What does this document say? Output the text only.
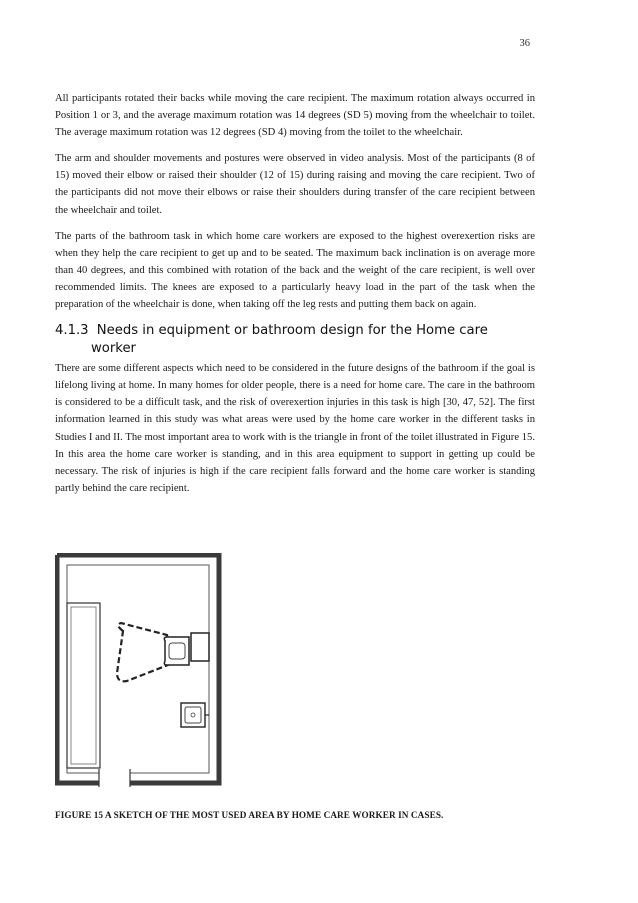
36

All participants rotated their backs while moving the care recipient. The maximum rotation always occurred in Position 1 or 3, and the average maximum rotation was 14 degrees (SD 5) moving from the wheelchair to toilet. The average maximum rotation was 12 degrees (SD 4) moving from the toilet to the wheelchair.

The arm and shoulder movements and postures were observed in video analysis. Most of the participants (8 of 15) moved their elbow or raised their shoulder (12 of 15) during raising and moving the care recipient. Two of the participants did not move their elbows or raise their shoulders during transfer of the care recipient between the wheelchair and toilet.

The parts of the bathroom task in which home care workers are exposed to the highest overexertion risks are when they help the care recipient to get up and to be seated. The maximum back inclination is on average more than 40 degrees, and this combined with rotation of the back and the weight of the care recipient, is well over recommended limits. The knees are exposed to a particularly heavy load in the part of the task when the preparation of the wheelchair is done, when taking off the leg rests and putting them back on again.

4.1.3 Needs in equipment or bathroom design for the Home care
worker

There are some different aspects which need to be considered in the future designs of the bathroom if the goal is lifelong living at home. In many homes for older people, there is a need for home care. The care in the bathroom is considered to be a difficult task, and the risk of overexertion injuries in this task is high [30, 47, 52]. The first information learned in this study was what areas were used by the home care worker in the different tasks in Studies I and II. The most important area to work with is the triangle in front of the toilet illustrated in Figure 15. In this area the home care worker is standing, and in this area equipment to support in getting up could be necessary. The risk of injuries is high if the care recipient falls forward and the home care worker is standing partly behind the care recipient.

FIGURE 15 A SKETCH OF THE MOST USED AREA BY HOME CARE WORKER IN CASES.
